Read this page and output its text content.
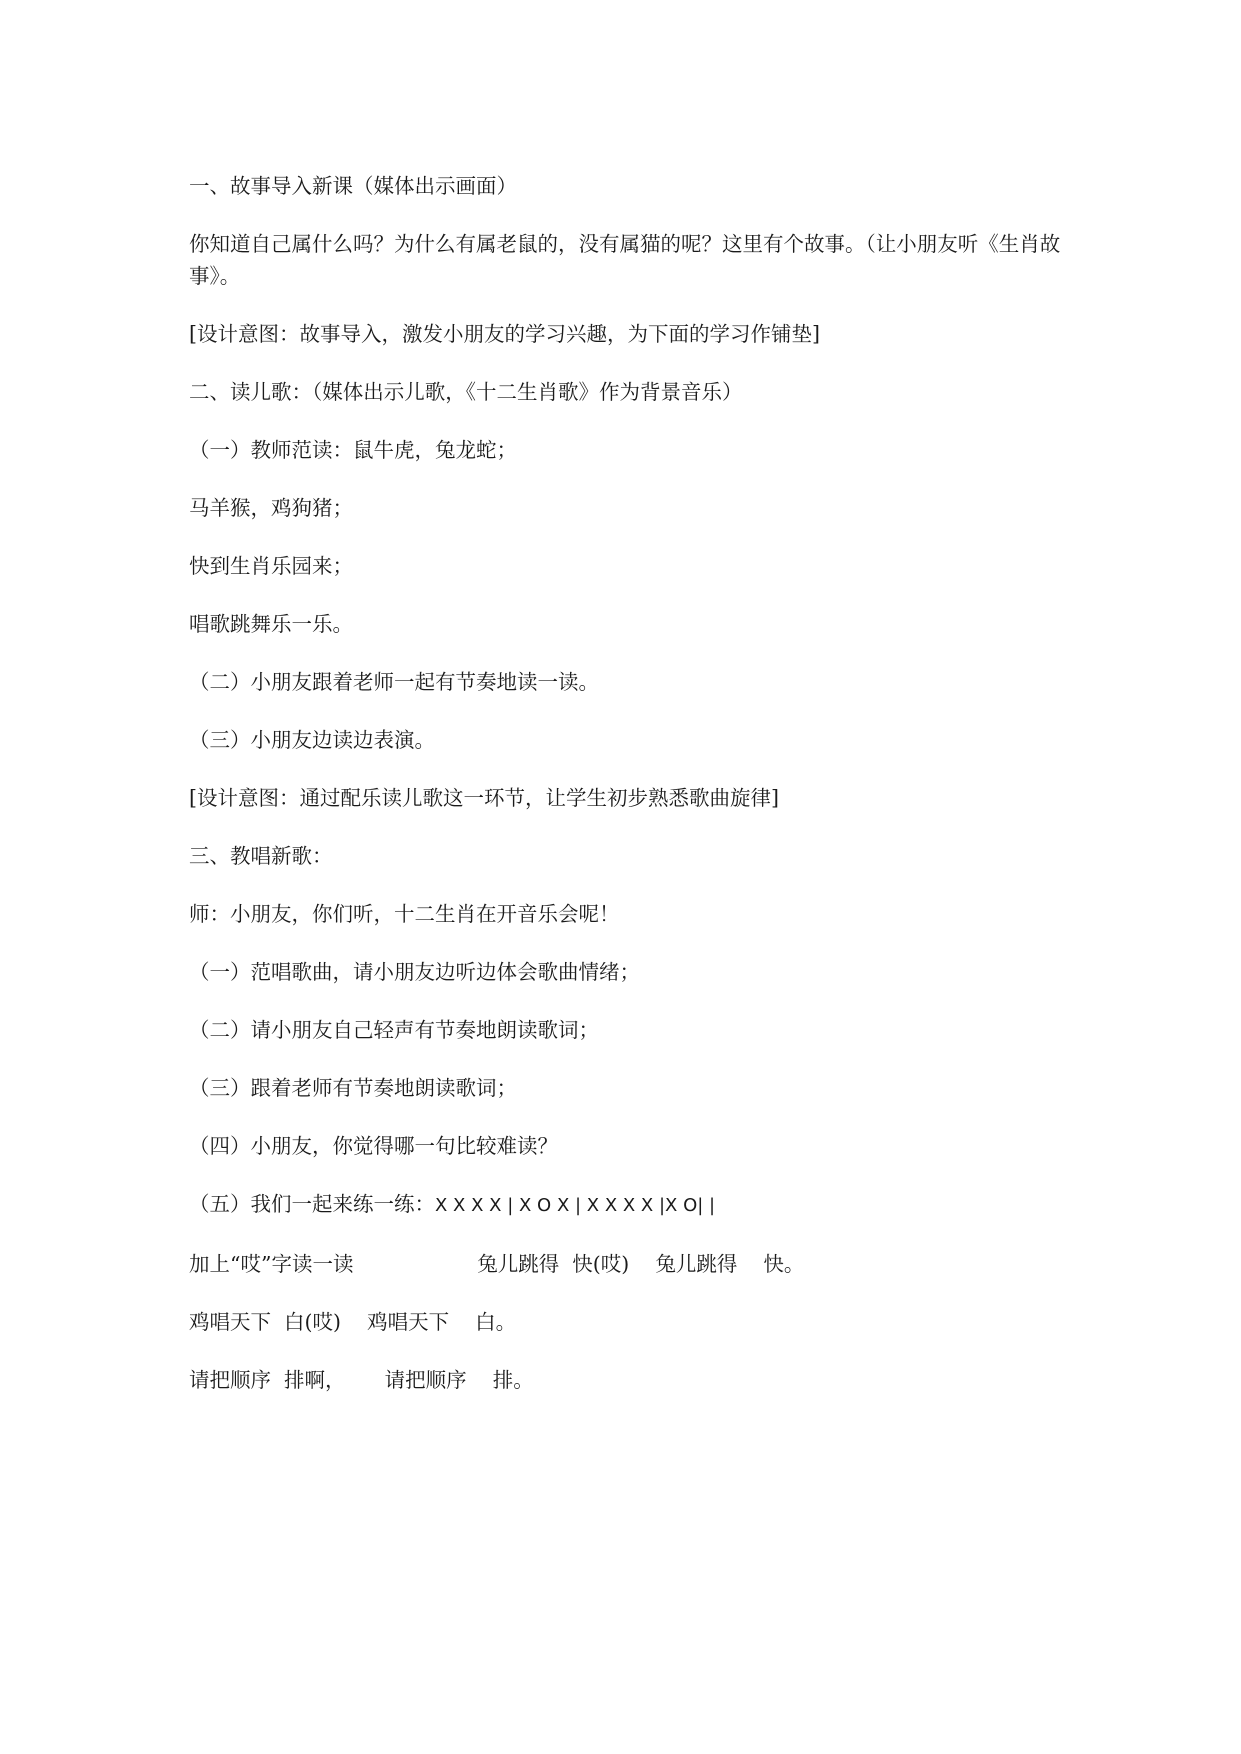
一、故事导入新课（媒体出示画面）

你知道自己属什么吗？为什么有属老鼠的，没有属猫的呢？这里有个故事。（让小朋友听《生肖故事》。

[设计意图：故事导入，激发小朋友的学习兴趣，为下面的学习作铺垫]

二、读儿歌：（媒体出示儿歌，《十二生肖歌》作为背景音乐）

（一）教师范读：鼠牛虎，兔龙蛇；

马羊猴，鸡狗猪；

快到生肖乐园来；

唱歌跳舞乐一乐。

（二）小朋友跟着老师一起有节奏地读一读。

（三）小朋友边读边表演。

[设计意图：通过配乐读儿歌这一环节，让学生初步熟悉歌曲旋律]

三、教唱新歌：

师：小朋友，你们听，十二生肖在开音乐会呢！

（一）范唱歌曲，请小朋友边听边体会歌曲情绪；

（二）请小朋友自己轻声有节奏地朗读歌词；

（三）跟着老师有节奏地朗读歌词；

（四）小朋友，你觉得哪一句比较难读？

（五）我们一起来练一练：X X X X | X O X | X X X X |X O| |

加上“哎”字读一读                   兔儿跳得  快(哎)    兔儿跳得    快。

鸡唱天下  白(哎)    鸡唱天下    白。

请把顺序  排啊，      请把顺序    排。
